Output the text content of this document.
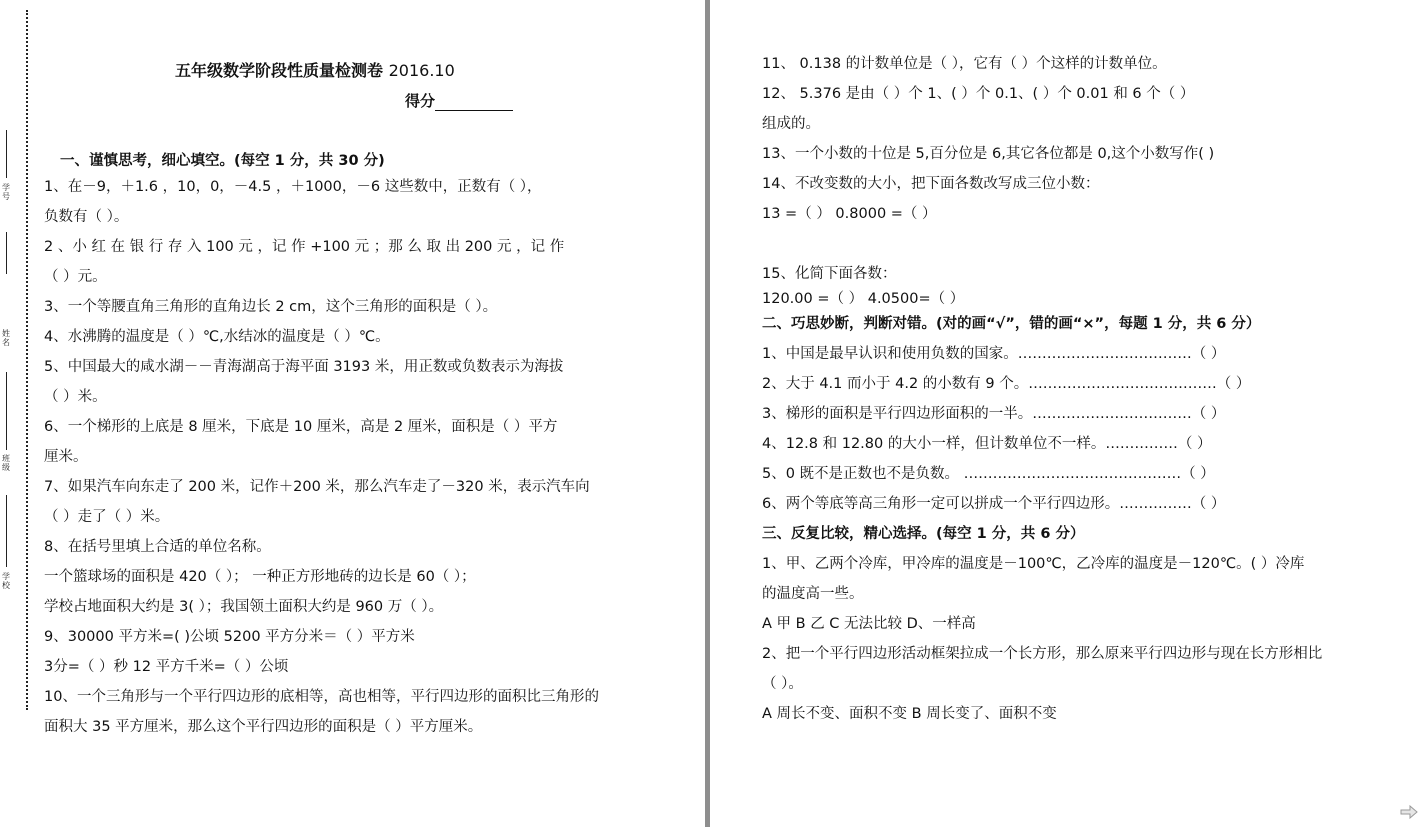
学
号
姓
名
班
级
学
校
五年级数学阶段性质量检测卷 2016.10
得分
一、谨慎思考，细心填空。(每空 1 分，共 30 分)
1、在－9，＋1.6 ，10，0，－4.5 ，＋1000，－6 这些数中，正数有（ ），
负数有（ ）。
2 、小 红 在 银 行 存 入 100 元 ，记 作 +100 元 ；那 么 取 出 200 元 ，记 作
（ ）元。
3、一个等腰直角三角形的直角边长 2 cm，这个三角形的面积是（ ）。
4、水沸腾的温度是（ ）℃,水结冰的温度是（ ）℃。
5、中国最大的咸水湖－－青海湖高于海平面 3193 米，用正数或负数表示为海拔
（ ）米。
6、一个梯形的上底是 8 厘米，下底是 10 厘米，高是 2 厘米，面积是（ ）平方
厘米。
7、如果汽车向东走了 200 米，记作＋200 米，那么汽车走了－320 米，表示汽车向
（ ）走了（ ）米。
8、在括号里填上合适的单位名称。
一个篮球场的面积是 420（ ）； 一种正方形地砖的边长是 60（ ）；
学校占地面积大约是 3( ）；我国领土面积大约是 960 万（ ）。
9、30000 平方米=( )公顷 5200 平方分米＝（ ）平方米
3分=（ ）秒 12 平方千米=（ ）公顷
10、一个三角形与一个平行四边形的底相等，高也相等，平行四边形的面积比三角形的
面积大 35 平方厘米，那么这个平行四边形的面积是（ ）平方厘米。
11、 0.138 的计数单位是（ ），它有（ ）个这样的计数单位。
12、 5.376 是由（ ）个 1、( ）个 0.1、( ）个 0.01 和 6 个（ ）
组成的。
13、一个小数的十位是 5,百分位是 6,其它各位都是 0,这个小数写作( )
14、不改变数的大小，把下面各数改写成三位小数：
13 =（ ） 0.8000 =（ ）
15、化简下面各数：
120.00 =（ ） 4.0500=（ ）
二、巧思妙断，判断对错。(对的画“√”，错的画“×”，每题 1 分，共 6 分）
1、中国是最早认识和使用负数的国家。………………………………（ ）
2、大于 4.1 而小于 4.2 的小数有 9 个。…………………………………（ ）
3、梯形的面积是平行四边形面积的一半。……………………………（ ）
4、12.8 和 12.80 的大小一样，但计数单位不一样。……………（ ）
5、0 既不是正数也不是负数。 ………………………………………（ ）
6、两个等底等高三角形一定可以拼成一个平行四边形。……………（ ）
三、反复比较，精心选择。(每空 1 分，共 6 分）
1、甲、乙两个冷库，甲冷库的温度是－100℃，乙冷库的温度是－120℃。( ）冷库
的温度高一些。
A 甲 B 乙 C 无法比较 D、一样高
2、把一个平行四边形活动框架拉成一个长方形，那么原来平行四边形与现在长方形相比
（ ）。
A 周长不变、面积不变 B 周长变了、面积不变
